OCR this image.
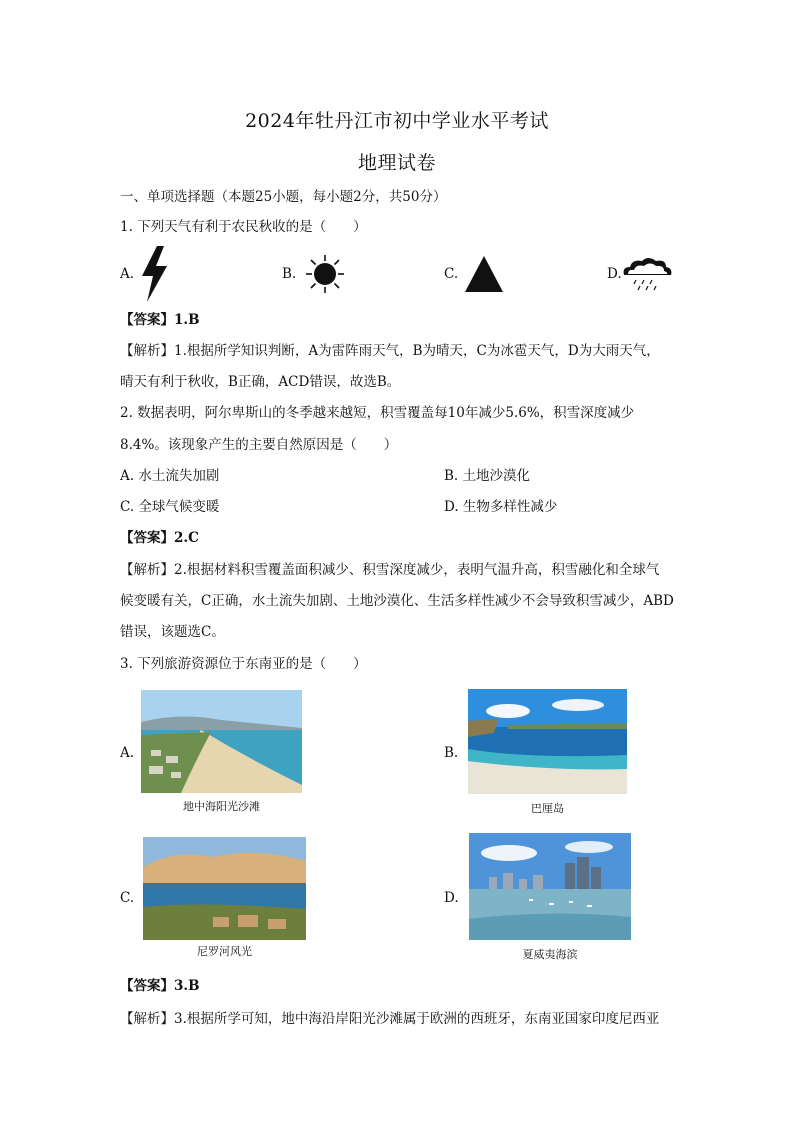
2024年牡丹江市初中学业水平考试
地理试卷
一、单项选择题（本题25小题，每小题2分，共50分）
1. 下列天气有利于农民秋收的是（　　）
A.	B.	C.	D.
【答案】1.B
【解析】1.根据所学知识判断，A为雷阵雨天气，B为晴天，C为冰雹天气，D为大雨天气，
晴天有利于秋收，B正确，ACD错误，故选B。
2. 数据表明，阿尔卑斯山的冬季越来越短，积雪覆盖每10年减少5.6%，积雪深度减少
8.4%。该现象产生的主要自然原因是（　　）
A. 水土流失加剧	B. 土地沙漠化
C. 全球气候变暖	D. 生物多样性减少
【答案】2.C
【解析】2.根据材料积雪覆盖面积减少、积雪深度减少，表明气温升高，积雪融化和全球气
候变暖有关，C正确，水土流失加剧、土地沙漠化、生活多样性减少不会导致积雪减少，ABD
错误，该题选C。
3. 下列旅游资源位于东南亚的是（　　）
A.
地中海阳光沙滩
B.
巴厘岛
C.
尼罗河风光
D.
夏威夷海滨
【答案】3.B
【解析】3.根据所学可知，地中海沿岸阳光沙滩属于欧洲的西班牙，东南亚国家印度尼西亚
